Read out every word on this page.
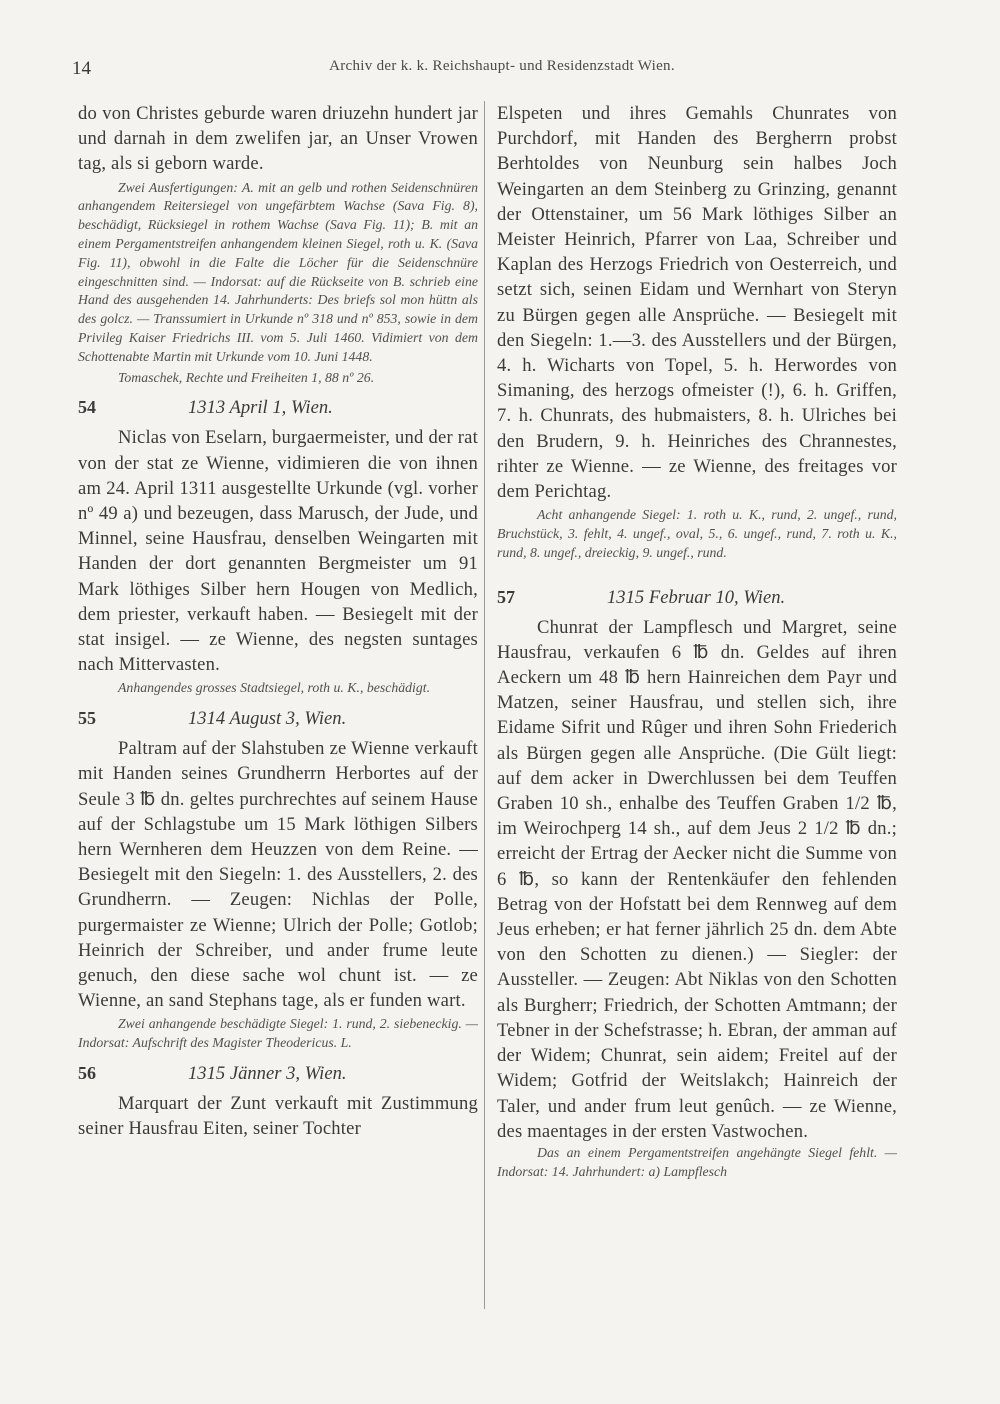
14	Archiv der k. k. Reichshaupt- und Residenzstadt Wien.

do von Christes geburde waren driuzehn hundert jar und darnah in dem zwelifen jar, an Unser Vrowen tag, als si geborn warde.

Zwei Ausfertigungen: A. mit an gelb und rothen Seidenschnüren anhangendem Reitersiegel von ungefärbtem Wachse (Sava Fig. 8), beschädigt, Rücksiegel in rothem Wachse (Sava Fig. 11); B. mit an einem Pergamentstreifen anhangendem kleinen Siegel, roth u. K. (Sava Fig. 11), obwohl in die Falte die Löcher für die Seidenschnüre eingeschnitten sind. — Indorsat: auf die Rückseite von B. schrieb eine Hand des ausgehenden 14. Jahrhunderts: Des briefs sol mon hüttn als des golcz. — Transsumiert in Urkunde nº 318 und nº 853, sowie in dem Privileg Kaiser Friedrichs III. vom 5. Juli 1460. Vidimiert von dem Schottenabte Martin mit Urkunde vom 10. Juni 1448.

Tomaschek, Rechte und Freiheiten 1, 88 nº 26.

54	1313 April 1, Wien.

Niclas von Eselarn, burgaermeister, und der rat von der stat ze Wienne, vidimieren die von ihnen am 24. April 1311 ausgestellte Urkunde (vgl. vorher nº 49 a) und bezeugen, dass Marusch, der Jude, und Minnel, seine Hausfrau, denselben Weingarten mit Handen der dort genannten Bergmeister um 91 Mark löthiges Silber hern Hougen von Medlich, dem priester, verkauft haben. — Besiegelt mit der stat insigel. — ze Wienne, des negsten suntages nach Mittervasten.

Anhangendes grosses Stadtsiegel, roth u. K., beschädigt.

55	1314 August 3, Wien.

Paltram auf der Slahstuben ze Wienne verkauft mit Handen seines Grundherrn Herbortes auf der Seule 3 ℔ dn. geltes purchrechtes auf seinem Hause auf der Schlagstube um 15 Mark löthigen Silbers hern Wernheren dem Heuzzen von dem Reine. — Besiegelt mit den Siegeln: 1. des Ausstellers, 2. des Grundherrn. — Zeugen: Nichlas der Polle, purgermaister ze Wienne; Ulrich der Polle; Gotlob; Heinrich der Schreiber, und ander frume leute genuch, den diese sache wol chunt ist. — ze Wienne, an sand Stephans tage, als er funden wart.

Zwei anhangende beschädigte Siegel: 1. rund, 2. siebeneckig. — Indorsat: Aufschrift des Magister Theodericus. L.

56	1315 Jänner 3, Wien.

Marquart der Zunt verkauft mit Zustimmung seiner Hausfrau Eiten, seiner Tochter

Elspeten und ihres Gemahls Chunrates von Purchdorf, mit Handen des Bergherrn probst Berhtoldes von Neunburg sein halbes Joch Weingarten an dem Steinberg zu Grinzing, genannt der Ottenstainer, um 56 Mark löthiges Silber an Meister Heinrich, Pfarrer von Laa, Schreiber und Kaplan des Herzogs Friedrich von Oesterreich, und setzt sich, seinen Eidam und Wernhart von Steryn zu Bürgen gegen alle Ansprüche. — Besiegelt mit den Siegeln: 1.—3. des Ausstellers und der Bürgen, 4. h. Wicharts von Topel, 5. h. Herwordes von Simaning, des herzogs ofmeister (!), 6. h. Griffen, 7. h. Chunrats, des hubmaisters, 8. h. Ulriches bei den Brudern, 9. h. Heinriches des Chrannestes, rihter ze Wienne. — ze Wienne, des freitages vor dem Perichtag.

Acht anhangende Siegel: 1. roth u. K., rund, 2. ungef., rund, Bruchstück, 3. fehlt, 4. ungef., oval, 5., 6. ungef., rund, 7. roth u. K., rund, 8. ungef., dreieckig, 9. ungef., rund.

57	1315 Februar 10, Wien.

Chunrat der Lampflesch und Margret, seine Hausfrau, verkaufen 6 ℔ dn. Geldes auf ihren Aeckern um 48 ℔ hern Hainreichen dem Payr und Matzen, seiner Hausfrau, und stellen sich, ihre Eidame Sifrit und Rûger und ihren Sohn Friederich als Bürgen gegen alle Ansprüche. (Die Gült liegt: auf dem acker in Dwerchlussen bei dem Teuffen Graben 10 sh., enhalbe des Teuffen Graben 1/2 ℔, im Weirochperg 14 sh., auf dem Jeus 2 1/2 ℔ dn.; erreicht der Ertrag der Aecker nicht die Summe von 6 ℔, so kann der Rentenkäufer den fehlenden Betrag von der Hofstatt bei dem Rennweg auf dem Jeus erheben; er hat ferner jährlich 25 dn. dem Abte von den Schotten zu dienen.) — Siegler: der Aussteller. — Zeugen: Abt Niklas von den Schotten als Burgherr; Friedrich, der Schotten Amtmann; der Tebner in der Schefstrasse; h. Ebran, der amman auf der Widem; Chunrat, sein aidem; Freitel auf der Widem; Gotfrid der Weitslakch; Hainreich der Taler, und ander frum leut genûch. — ze Wienne, des maentages in der ersten Vastwochen.

Das an einem Pergamentstreifen angehängte Siegel fehlt. — Indorsat: 14. Jahrhundert: a) Lampflesch
